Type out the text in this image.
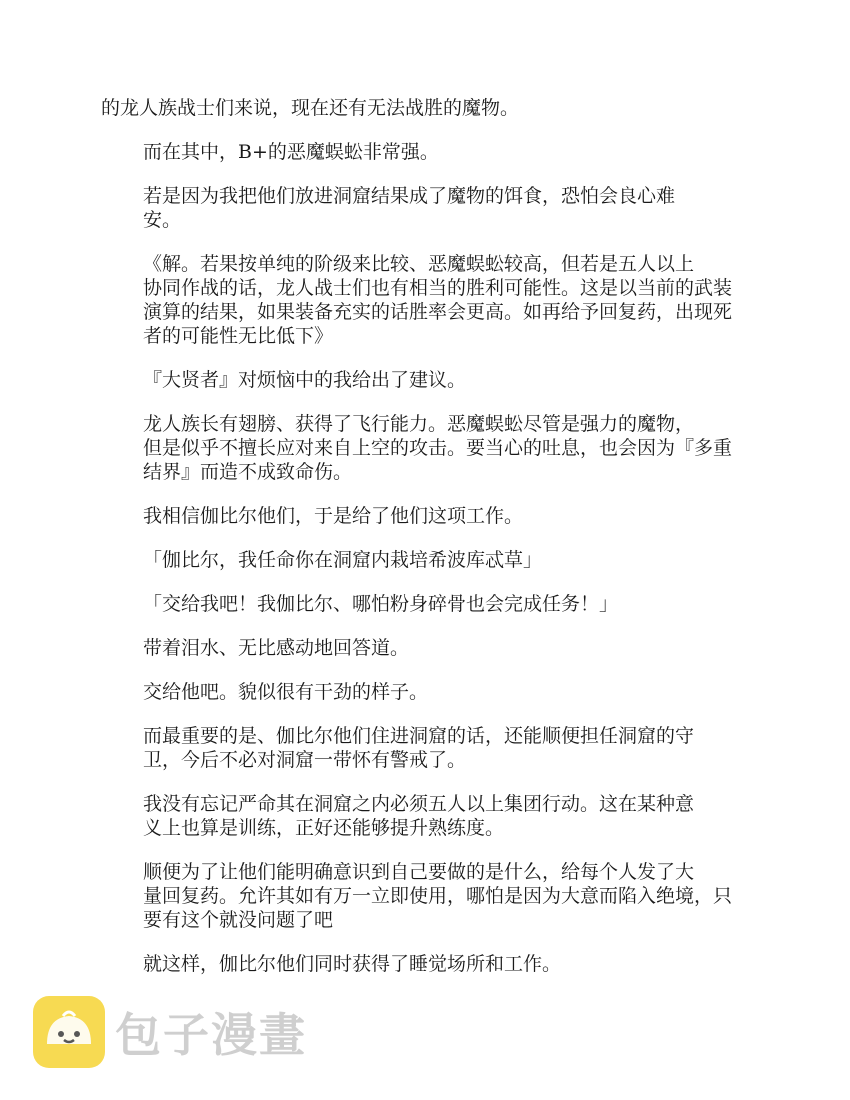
的龙人族战士们来说，现在还有无法战胜的魔物。

而在其中，B+的恶魔蜈蚣非常强。

若是因为我把他们放进洞窟结果成了魔物的饵食，恐怕会良心难
安。

《解。若果按单纯的阶级来比较、恶魔蜈蚣较高，但若是五人以上
协同作战的话，龙人战士们也有相当的胜利可能性。这是以当前的武装
演算的结果，如果装备充实的话胜率会更高。如再给予回复药，出现死
者的可能性无比低下》

『大贤者』对烦恼中的我给出了建议。

龙人族长有翅膀、获得了飞行能力。恶魔蜈蚣尽管是强力的魔物，
但是似乎不擅长应对来自上空的攻击。要当心的吐息，也会因为『多重
结界』而造不成致命伤。

我相信伽比尔他们，于是给了他们这项工作。

「伽比尔，我任命你在洞窟内栽培希波库忒草」

「交给我吧！我伽比尔、哪怕粉身碎骨也会完成任务！」

带着泪水、无比感动地回答道。

交给他吧。貌似很有干劲的样子。

而最重要的是、伽比尔他们住进洞窟的话，还能顺便担任洞窟的守
卫，今后不必对洞窟一带怀有警戒了。

我没有忘记严命其在洞窟之内必须五人以上集团行动。这在某种意
义上也算是训练，正好还能够提升熟练度。

顺便为了让他们能明确意识到自己要做的是什么，给每个人发了大
量回复药。允许其如有万一立即使用，哪怕是因为大意而陷入绝境，只
要有这个就没问题了吧

就这样，伽比尔他们同时获得了睡觉场所和工作。

包子漫畫
